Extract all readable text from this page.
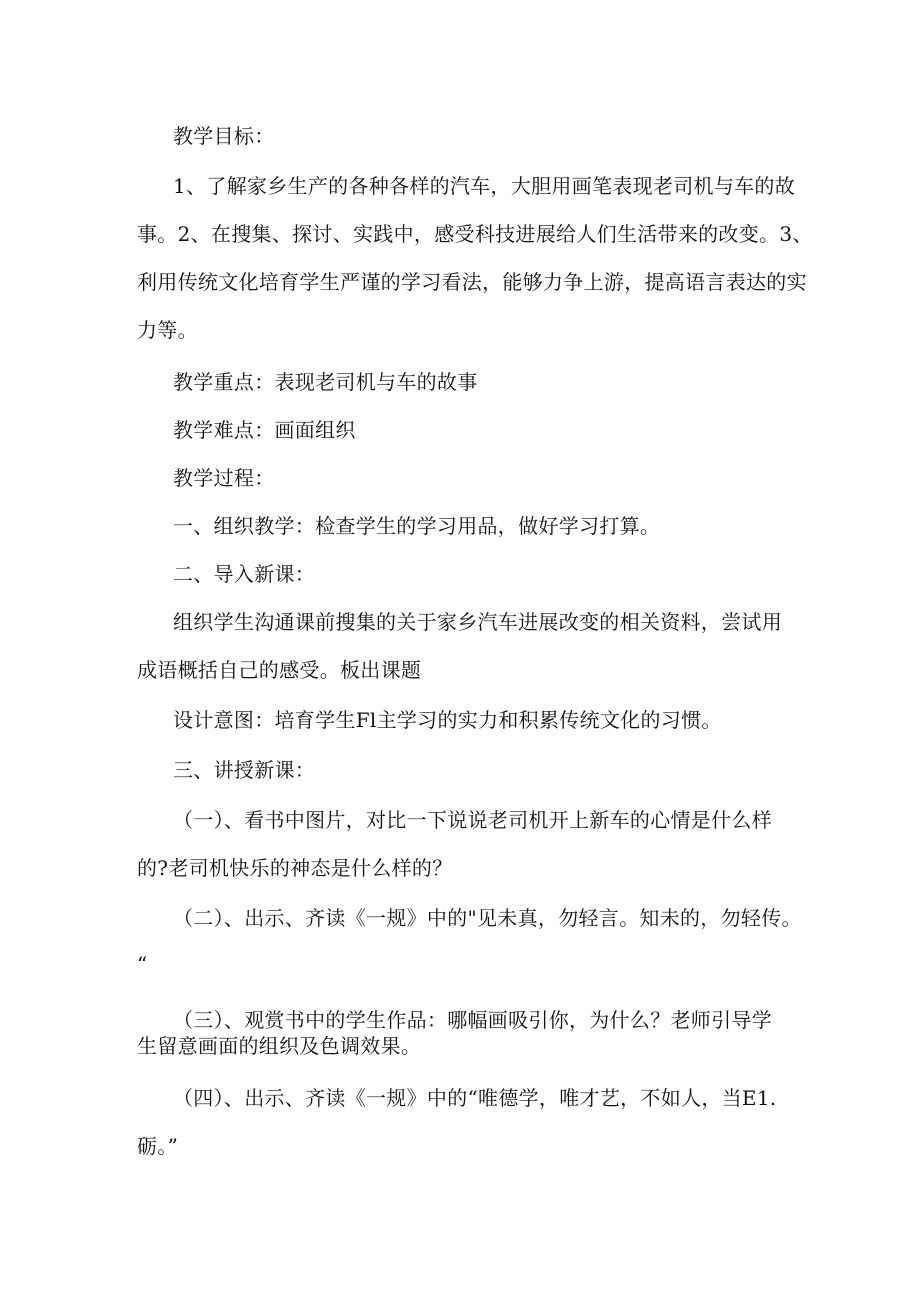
教学目标：
1、了解家乡生产的各种各样的汽车，大胆用画笔表现老司机与车的故
事。2、在搜集、探讨、实践中，感受科技进展给人们生活带来的改变。3、
利用传统文化培育学生严谨的学习看法，能够力争上游，提高语言表达的实
力等。
教学重点：表现老司机与车的故事
教学难点：画面组织
教学过程：
一、组织教学：检查学生的学习用品，做好学习打算。
二、导入新课：
组织学生沟通课前搜集的关于家乡汽车进展改变的相关资料，尝试用
成语概括自己的感受。板出课题
设计意图：培育学生Fl主学习的实力和积累传统文化的习惯。
三、讲授新课：
（一）、看书中图片，对比一下说说老司机开上新车的心情是什么样
的?老司机快乐的神态是什么样的？
（二）、出示、齐读《一规》中的"见未真，勿轻言。知未的，勿轻传。
“
（三）、观赏书中的学生作品：哪幅画吸引你，为什么？老师引导学
生留意画面的组织及色调效果。
（四）、出示、齐读《一规》中的“唯德学，唯才艺，不如人，当E1.
砺。”
